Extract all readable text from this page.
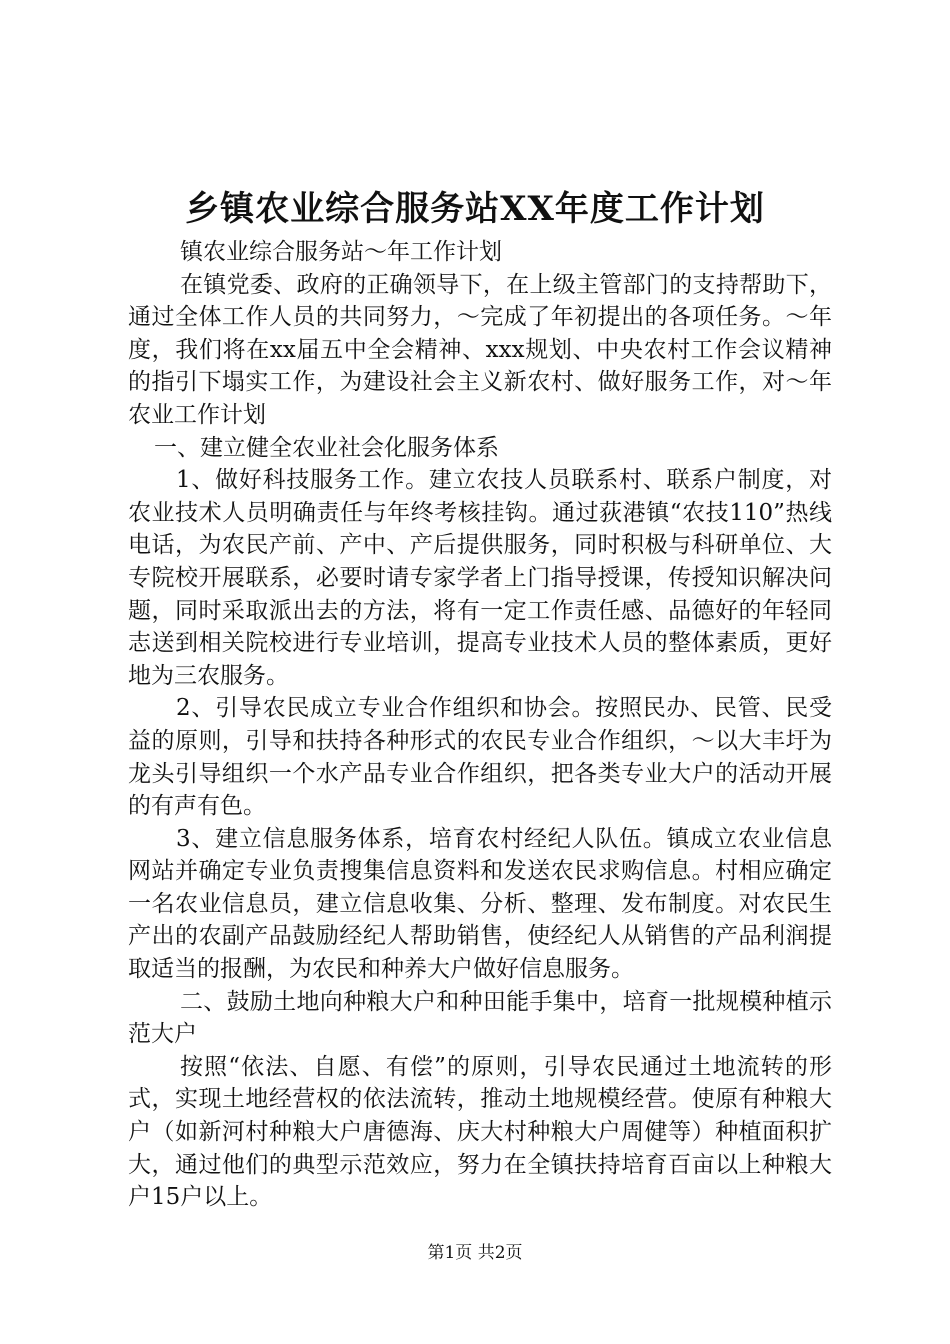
乡镇农业综合服务站XX年度工作计划

镇农业综合服务站～年工作计划

在镇党委、政府的正确领导下，在上级主管部门的支持帮助下，通过全体工作人员的共同努力，～完成了年初提出的各项任务。～年度，我们将在xx届五中全会精神、xxx规划、中央农村工作会议精神的指引下塌实工作，为建设社会主义新农村、做好服务工作，对～年农业工作计划

一、建立健全农业社会化服务体系

1、做好科技服务工作。建立农技人员联系村、联系户制度，对农业技术人员明确责任与年终考核挂钩。通过荻港镇“农技110”热线电话，为农民产前、产中、产后提供服务，同时积极与科研单位、大专院校开展联系，必要时请专家学者上门指导授课，传授知识解决问题，同时采取派出去的方法，将有一定工作责任感、品德好的年轻同志送到相关院校进行专业培训，提高专业技术人员的整体素质，更好地为三农服务。

2、引导农民成立专业合作组织和协会。按照民办、民管、民受益的原则，引导和扶持各种形式的农民专业合作组织，～以大丰圩为龙头引导组织一个水产品专业合作组织，把各类专业大户的活动开展的有声有色。

3、建立信息服务体系，培育农村经纪人队伍。镇成立农业信息网站并确定专业负责搜集信息资料和发送农民求购信息。村相应确定一名农业信息员，建立信息收集、分析、整理、发布制度。对农民生产出的农副产品鼓励经纪人帮助销售，使经纪人从销售的产品利润提取适当的报酬，为农民和种养大户做好信息服务。

二、鼓励土地向种粮大户和种田能手集中，培育一批规模种植示范大户

按照“依法、自愿、有偿”的原则，引导农民通过土地流转的形式，实现土地经营权的依法流转，推动土地规模经营。使原有种粮大户（如新河村种粮大户唐德海、庆大村种粮大户周健等）种植面积扩大，通过他们的典型示范效应，努力在全镇扶持培育百亩以上种粮大户15户以上。

第1页 共2页
